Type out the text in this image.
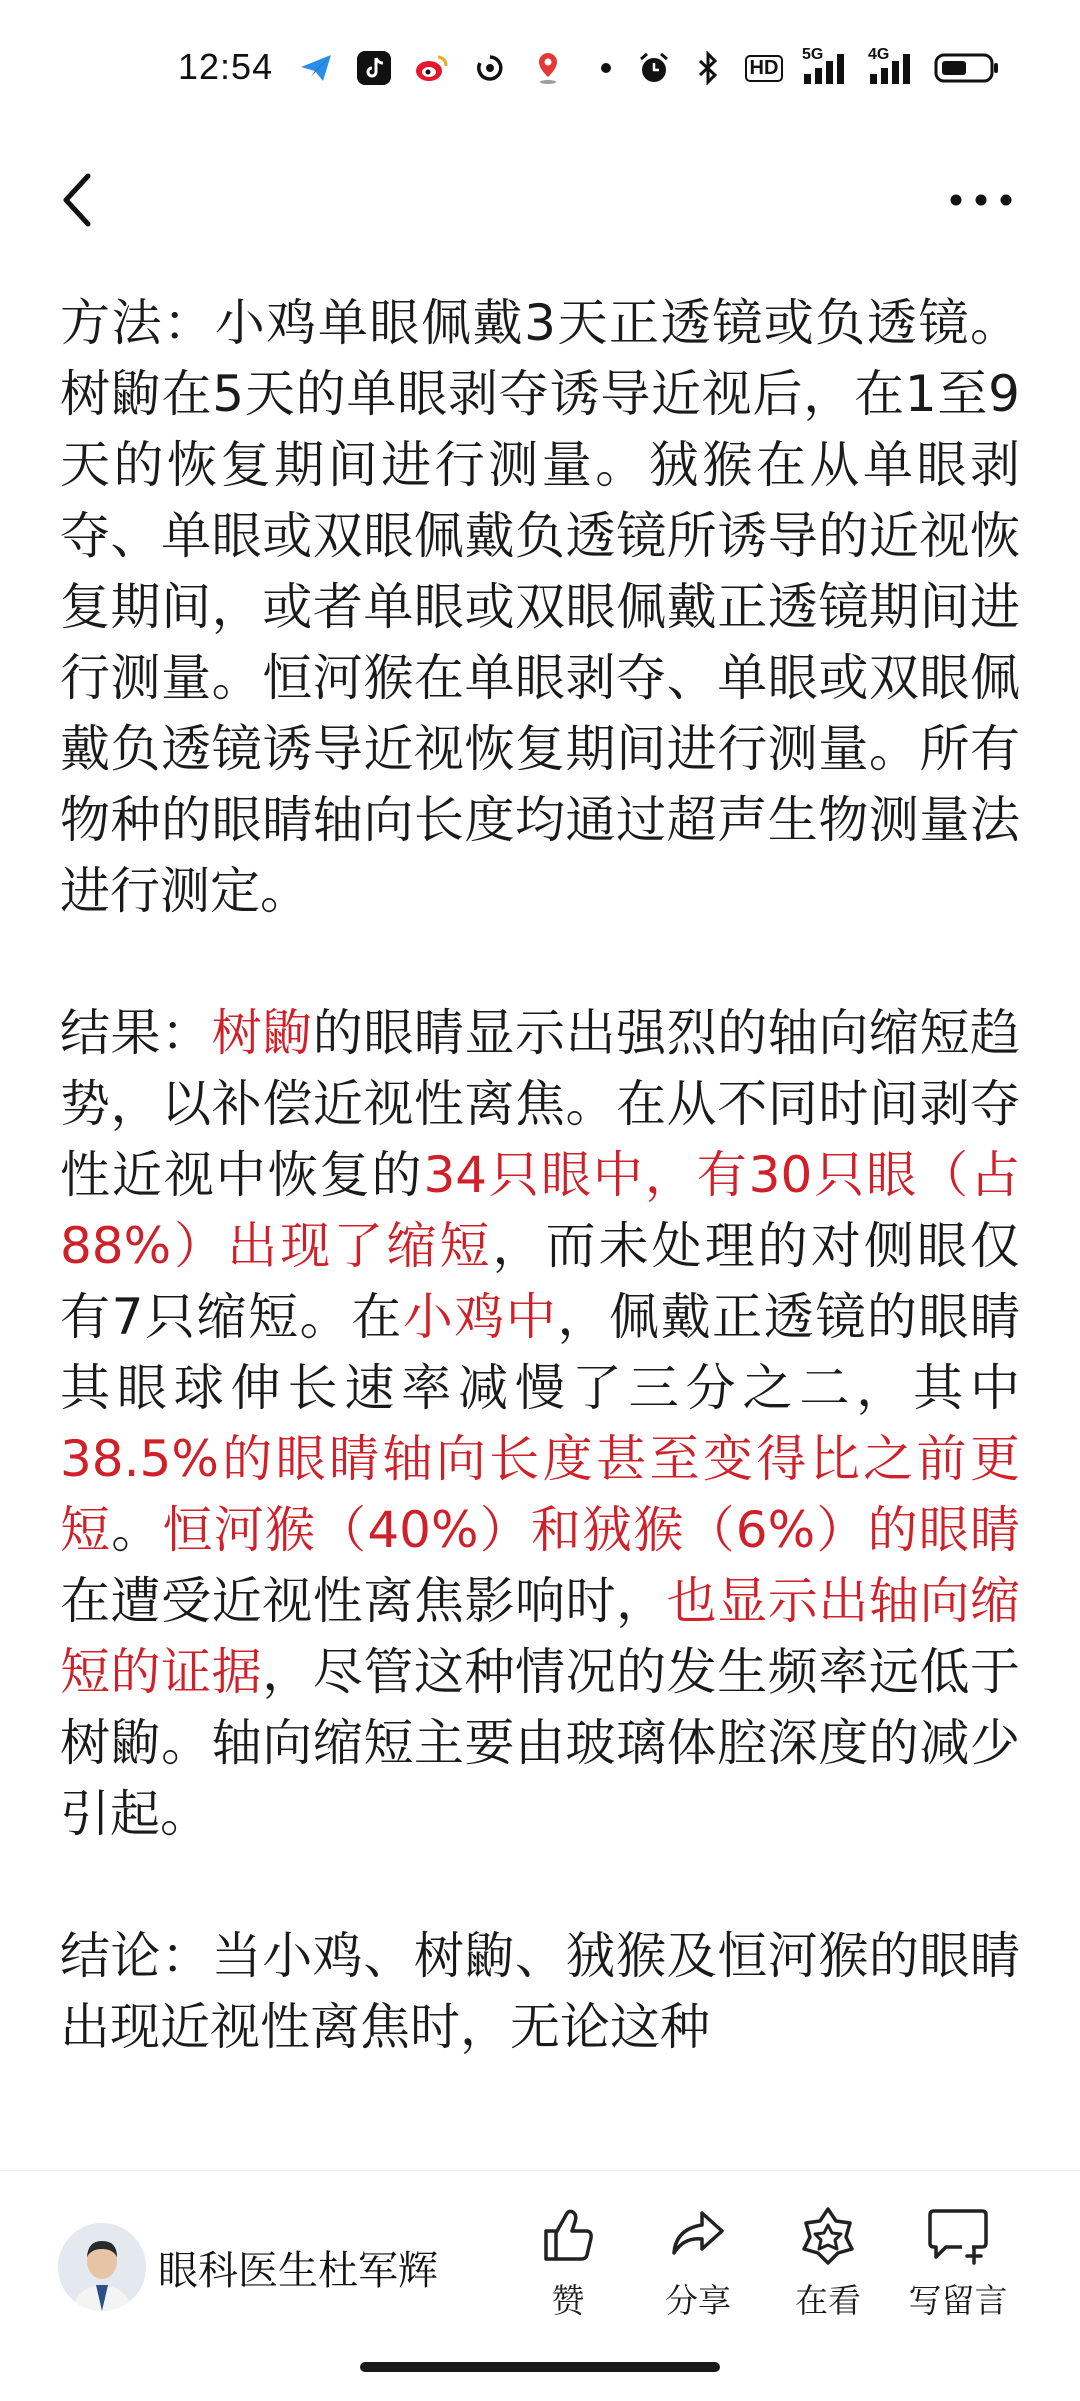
12:54	HD
5G	4G

方法：小鸡单眼佩戴3天正透镜或负透镜。树鼩在5天的单眼剥夺诱导近视后，在1至9天的恢复期间进行测量。狨猴在从单眼剥夺、单眼或双眼佩戴负透镜所诱导的近视恢复期间，或者单眼或双眼佩戴正透镜期间进行测量。恒河猴在单眼剥夺、单眼或双眼佩戴负透镜诱导近视恢复期间进行测量。所有物种的眼睛轴向长度均通过超声生物测量法进行测定。

结果：树鼩的眼睛显示出强烈的轴向缩短趋势，以补偿近视性离焦。在从不同时间剥夺性近视中恢复的34只眼中，有30只眼（占88%）出现了缩短，而未处理的对侧眼仅有7只缩短。在小鸡中，佩戴正透镜的眼睛其眼球伸长速率减慢了三分之二，其中38.5%的眼睛轴向长度甚至变得比之前更短。恒河猴（40%）和狨猴（6%）的眼睛在遭受近视性离焦影响时，也显示出轴向缩短的证据，尽管这种情况的发生频率远低于树鼩。轴向缩短主要由玻璃体腔深度的减少引起。

结论：当小鸡、树鼩、狨猴及恒河猴的眼睛出现近视性离焦时，无论这种

眼科医生杜军辉
赞	分享	在看	写留言
